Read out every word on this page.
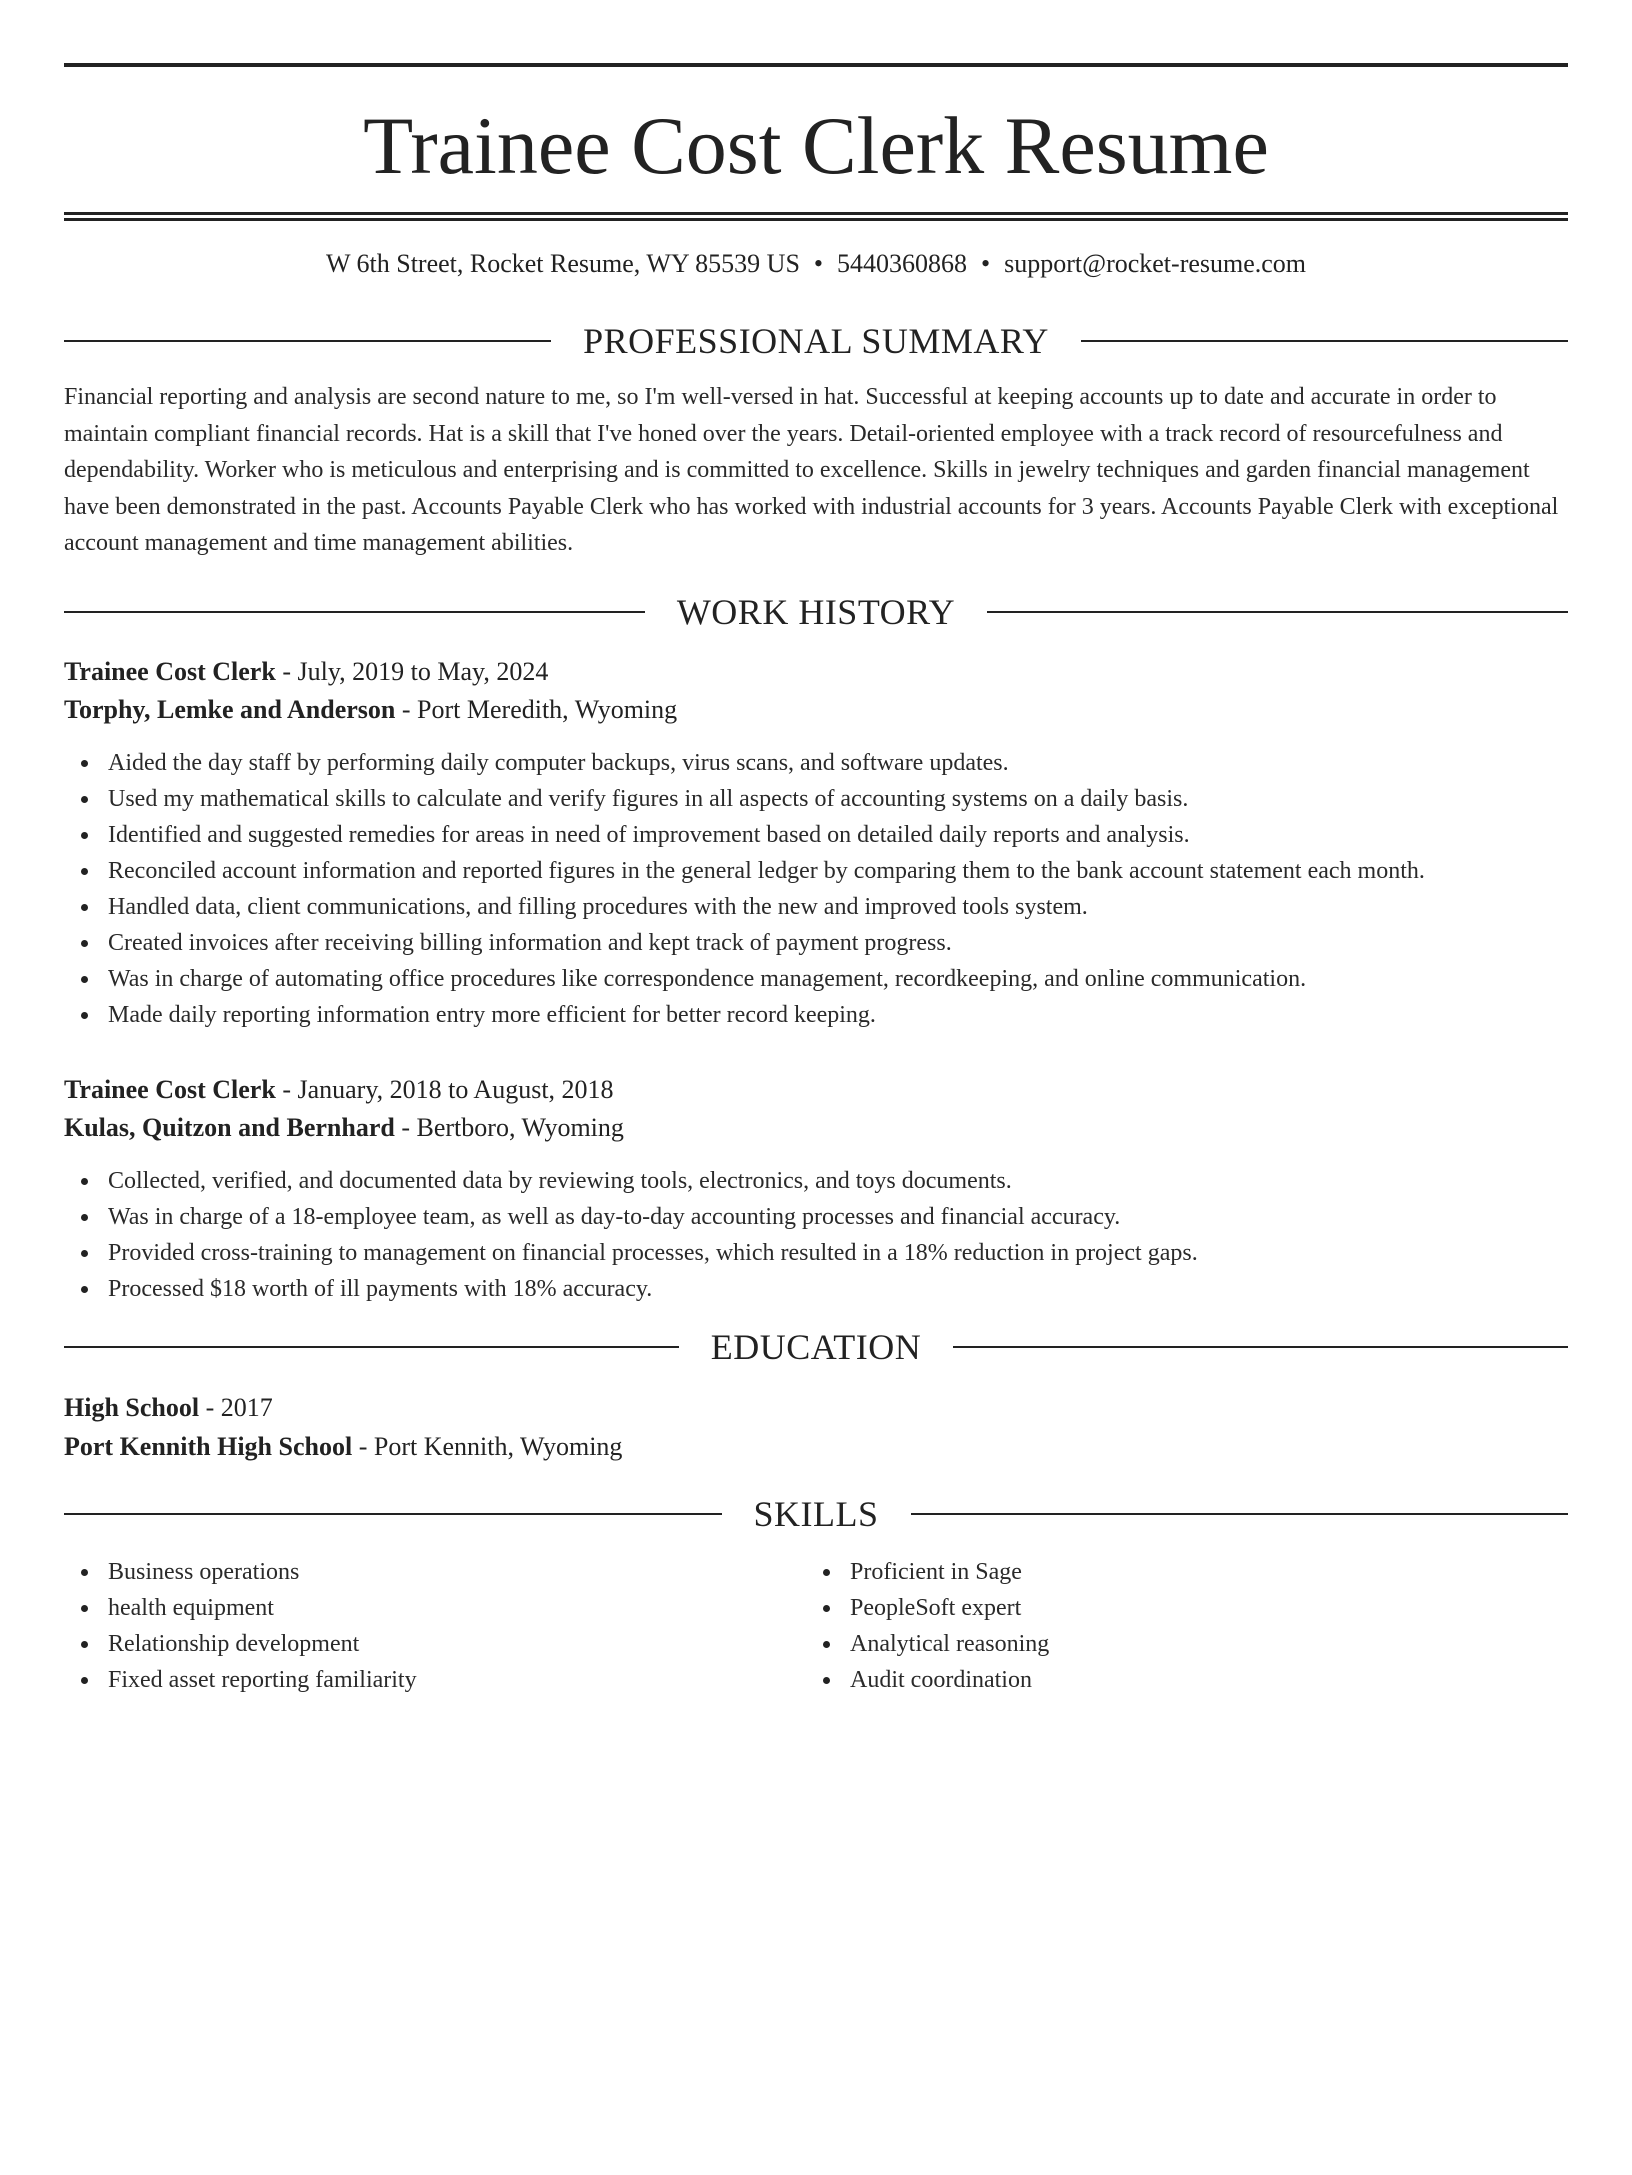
Trainee Cost Clerk Resume
W 6th Street, Rocket Resume, WY 85539 US • 5440360868 • support@rocket-resume.com
PROFESSIONAL SUMMARY

Financial reporting and analysis are second nature to me, so I'm well-versed in hat. Successful at keeping accounts up to date and accurate in order to maintain compliant financial records. Hat is a skill that I've honed over the years. Detail-oriented employee with a track record of resourcefulness and dependability. Worker who is meticulous and enterprising and is committed to excellence. Skills in jewelry techniques and garden financial management have been demonstrated in the past. Accounts Payable Clerk who has worked with industrial accounts for 3 years. Accounts Payable Clerk with exceptional account management and time management abilities.

WORK HISTORY
Trainee Cost Clerk - July, 2019 to May, 2024
Torphy, Lemke and Anderson - Port Meredith, Wyoming
Aided the day staff by performing daily computer backups, virus scans, and software updates.
Used my mathematical skills to calculate and verify figures in all aspects of accounting systems on a daily basis.
Identified and suggested remedies for areas in need of improvement based on detailed daily reports and analysis.
Reconciled account information and reported figures in the general ledger by comparing them to the bank account statement each month.
Handled data, client communications, and filling procedures with the new and improved tools system.
Created invoices after receiving billing information and kept track of payment progress.
Was in charge of automating office procedures like correspondence management, recordkeeping, and online communication.
Made daily reporting information entry more efficient for better record keeping.
Trainee Cost Clerk - January, 2018 to August, 2018
Kulas, Quitzon and Bernhard - Bertboro, Wyoming
Collected, verified, and documented data by reviewing tools, electronics, and toys documents.
Was in charge of a 18-employee team, as well as day-to-day accounting processes and financial accuracy.
Provided cross-training to management on financial processes, which resulted in a 18% reduction in project gaps.
Processed $18 worth of ill payments with 18% accuracy.
EDUCATION
High School - 2017
Port Kennith High School - Port Kennith, Wyoming
SKILLS
Business operations
health equipment
Relationship development
Fixed asset reporting familiarity
Proficient in Sage
PeopleSoft expert
Analytical reasoning
Audit coordination
